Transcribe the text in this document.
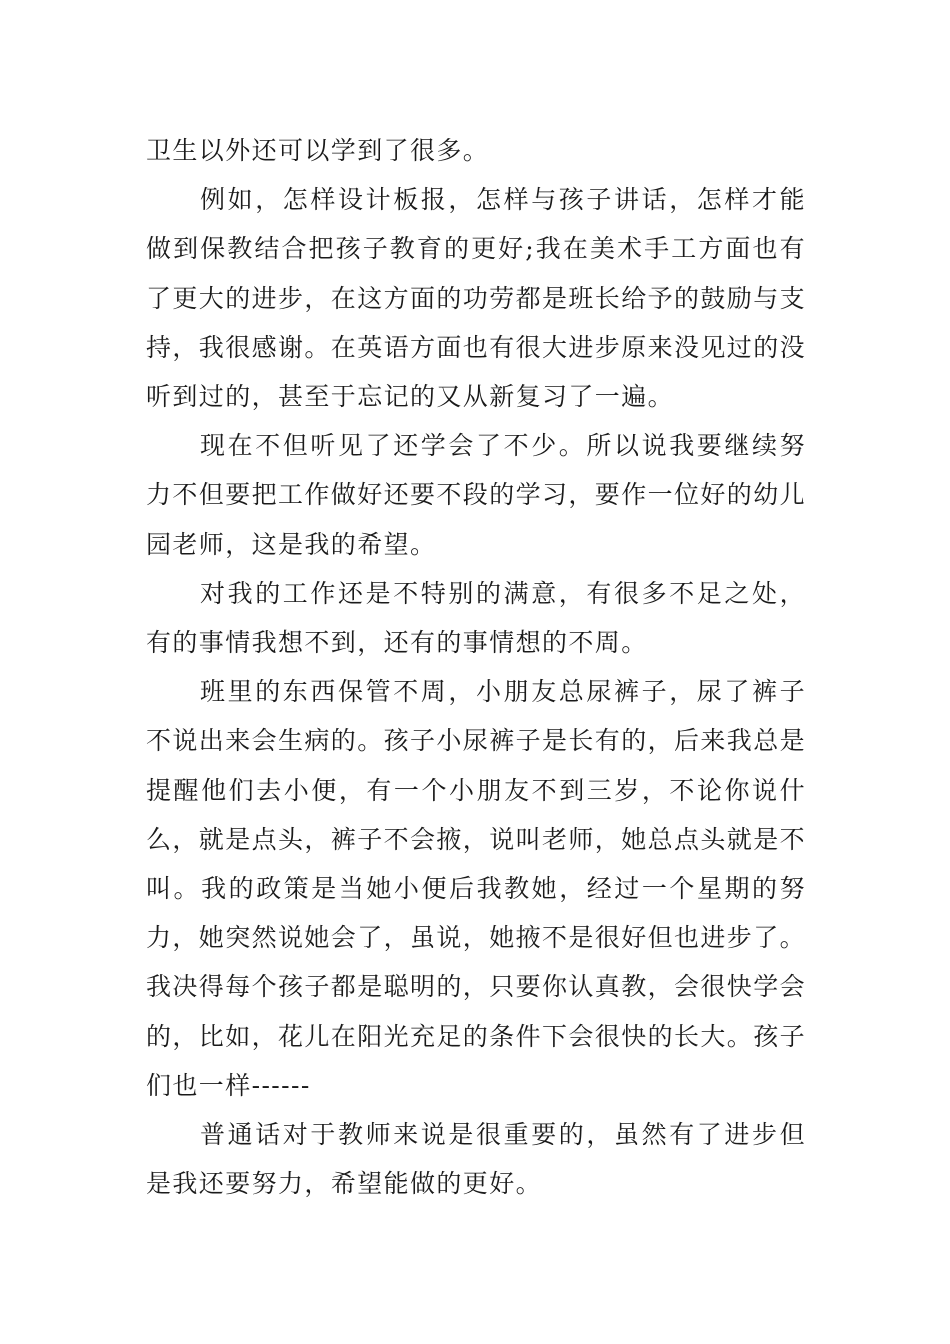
卫生以外还可以学到了很多。

例如，怎样设计板报，怎样与孩子讲话，怎样才能做到保教结合把孩子教育的更好;我在美术手工方面也有了更大的进步，在这方面的功劳都是班长给予的鼓励与支持，我很感谢。在英语方面也有很大进步原来没见过的没听到过的，甚至于忘记的又从新复习了一遍。

现在不但听见了还学会了不少。所以说我要继续努力不但要把工作做好还要不段的学习，要作一位好的幼儿园老师，这是我的希望。

对我的工作还是不特别的满意，有很多不足之处，有的事情我想不到，还有的事情想的不周。

班里的东西保管不周，小朋友总尿裤子，尿了裤子不说出来会生病的。孩子小尿裤子是长有的，后来我总是提醒他们去小便，有一个小朋友不到三岁，不论你说什么，就是点头，裤子不会掖，说叫老师，她总点头就是不叫。我的政策是当她小便后我教她，经过一个星期的努力，她突然说她会了，虽说，她掖不是很好但也进步了。我决得每个孩子都是聪明的，只要你认真教，会很快学会的，比如，花儿在阳光充足的条件下会很快的长大。孩子们也一样------

普通话对于教师来说是很重要的，虽然有了进步但是我还要努力，希望能做的更好。
